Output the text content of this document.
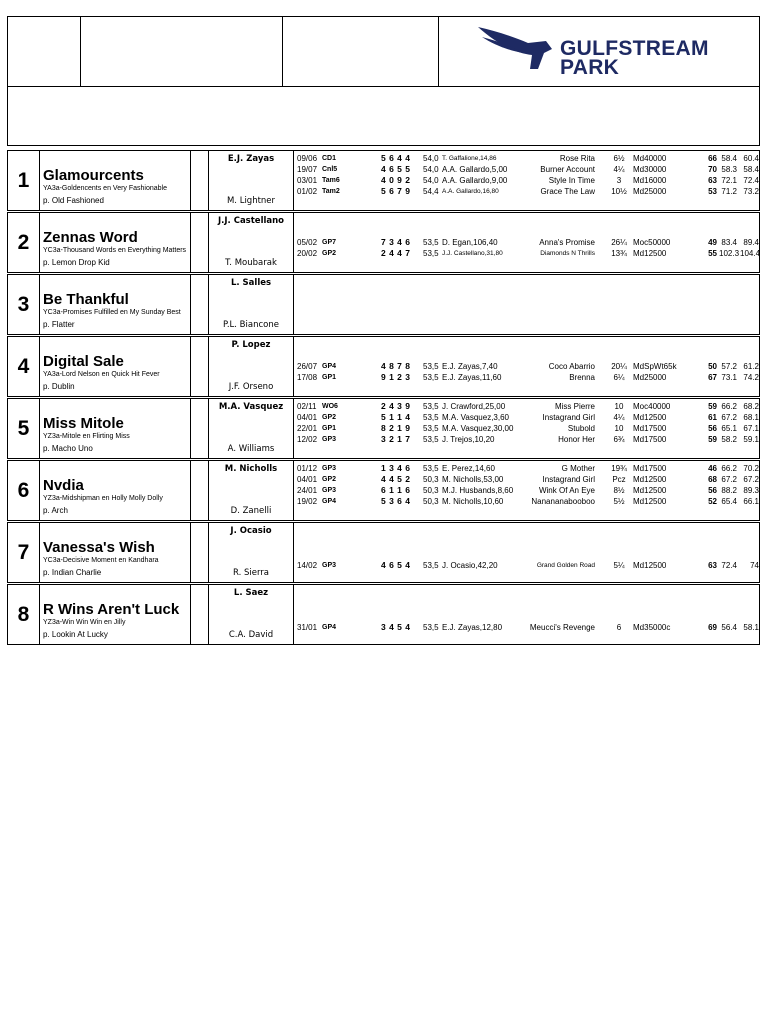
GULFSTREAM
PARK
1 Glamourcents
YA3a-Goldencents en Very Fashionable
p. Old Fashioned
E.J. Zayas
M. Lightner
09/06 CD1	5 6 4 4 54,0 T. Gaffalione,14,86	Rose Rita	6½	Md40000	66 58.4 60.4
19/07 Cnl5	4 6 5 5 54,0 A.A. Gallardo,5,00	Burner Account	4¼	Md30000	70 58.3 58.4
03/01 Tam6	4 0 9 2 54,0 A.A. Gallardo,9,00	Style In Time	3	Md16000	63 72.1 72.4
01/02 Tam2	5 6 7 9 54,4 A.A. Gallardo,16,80	Grace The Law	10½ Md25000	53 71.2 73.2
2 Zennas Word
YC3a-Thousand Words en Everything Matters
p. Lemon Drop Kid
J.J. Castellano
T. Moubarak
05/02 GP7	7 3 4 6 53,5 D. Egan,106,40	Anna's Promise	26¼ Moc50000	49 83.4 89.4
20/02 GP2	2 4 4 7 53,5 J.J. Castellano,31,80	Diamonds N Thrills	13¾ Md12500	55 102.3 104.4
3 Be Thankful
YC3a-Promises Fulfilled en My Sunday Best
p. Flatter
L. Salles
P.L. Biancone
4 Digital Sale
YA3a-Lord Nelson en Quick Hit Fever
p. Dublin
P. Lopez
J.F. Orseno
26/07 GP4	4 8 7 8 53,5 E.J. Zayas,7,40	Coco Abarrio	20¼ MdSpWt65k	50 57.2 61.2
17/08 GP1	9 1 2 3 53,5 E.J. Zayas,11,60	Brenna	6¼	Md25000	67 73.1 74.2
5 Miss Mitole
YZ3a-Mitole en Flirting Miss
p. Macho Uno
M.A. Vasquez
A. Williams
02/11 WO6	2 4 3 9 53,5 J. Crawford,25,00	Miss Pierre	10	Moc40000	59 66.2 68.2
04/01 GP2	5 1 1 4 53,5 M.A. Vasquez,3,60	Instagrand Girl	4¼	Md12500	61 67.2 68.1
22/01 GP1	8 2 1 9 53,5 M.A. Vasquez,30,00	Stubold	10	Md17500	56 65.1 67.1
12/02 GP3	3 2 1 7 53,5 J. Trejos,10,20	Honor Her	6¾	Md17500	59 58.2 59.1
6 Nvdia
YZ3a-Midshipman en Holly Molly Dolly
p. Arch
M. Nicholls
D. Zanelli
01/12 GP3	1 3 4 6 53,5 E. Perez,14,60	G Mother	19¾ Md17500	46 66.2 70.2
04/01 GP2	4 4 5 2 50,3 M. Nicholls,53,00	Instagrand Girl	Pcz Md12500	68 67.2 67.2
24/01 GP3	6 1 1 6 50,3 M.J. Husbands,8,60	Wink Of An Eye	8½	Md12500	56 88.2 89.3
19/02 GP4	5 3 6 4 50,3 M. Nicholls,10,60	Nanananabooboo	5½	Md12500	52 65.4 66.1
7 Vanessa's Wish
YC3a-Decisive Moment en Kandhara
p. Indian Charlie
J. Ocasio
R. Sierra
14/02 GP3	4 6 5 4 53,5 J. Ocasio,42,20	Grand Golden Road	5¼	Md12500	63 72.4	74
8 R Wins Aren't Luck
YZ3a-Win Win Win en Jilly
p. Lookin At Lucky
L. Saez
C.A. David
31/01 GP4	3 4 5 4 53,5 E.J. Zayas,12,80	Meucci's Revenge	6	Md35000c	69 56.4 58.1
